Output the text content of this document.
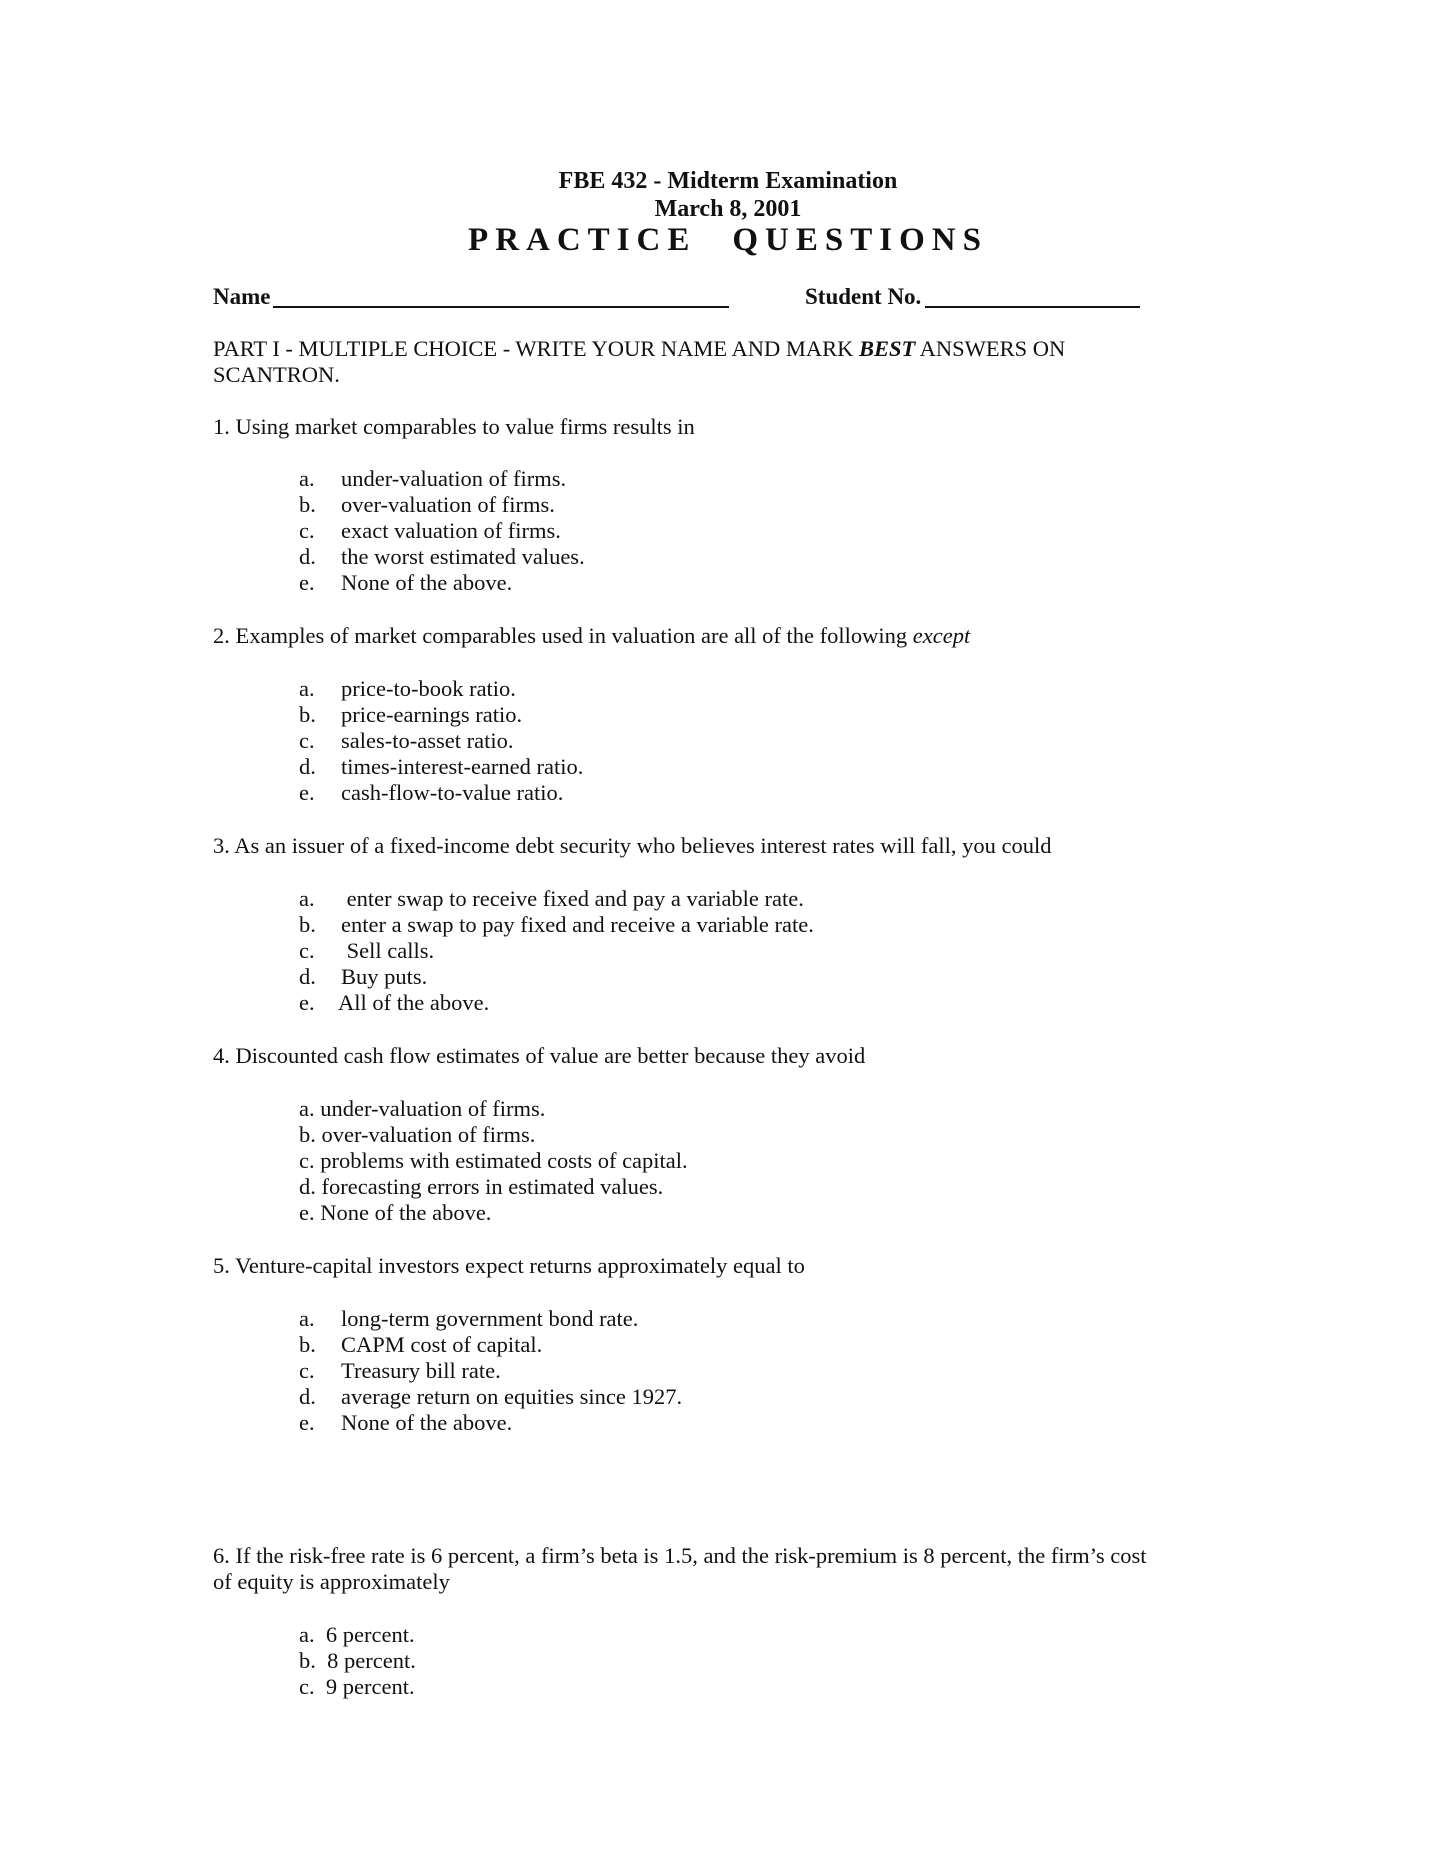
FBE 432 - Midterm Examination
March 8, 2001
PRACTICE QUESTIONS
Name	Student No.
PART I - MULTIPLE CHOICE - WRITE YOUR NAME AND MARK BEST ANSWERS ON
SCANTRON.
1. Using market comparables to value firms results in
a. under-valuation of firms.
b. over-valuation of firms.
c. exact valuation of firms.
d. the worst estimated values.
e. None of the above.
2. Examples of market comparables used in valuation are all of the following except
a. price-to-book ratio.
b. price-earnings ratio.
c. sales-to-asset ratio.
d. times-interest-earned ratio.
e. cash-flow-to-value ratio.
3. As an issuer of a fixed-income debt security who believes interest rates will fall, you could
a. enter swap to receive fixed and pay a variable rate.
b. enter a swap to pay fixed and receive a variable rate.
c. Sell calls.
d. Buy puts.
e. All of the above.
4. Discounted cash flow estimates of value are better because they avoid
a. under-valuation of firms.
b. over-valuation of firms.
c. problems with estimated costs of capital.
d. forecasting errors in estimated values.
e. None of the above.
5. Venture-capital investors expect returns approximately equal to
a. long-term government bond rate.
b. CAPM cost of capital.
c. Treasury bill rate.
d. average return on equities since 1927.
e. None of the above.
6. If the risk-free rate is 6 percent, a firm’s beta is 1.5, and the risk-premium is 8 percent, the firm’s cost
of equity is approximately
a.  6 percent.
b.  8 percent.
c.  9 percent.
